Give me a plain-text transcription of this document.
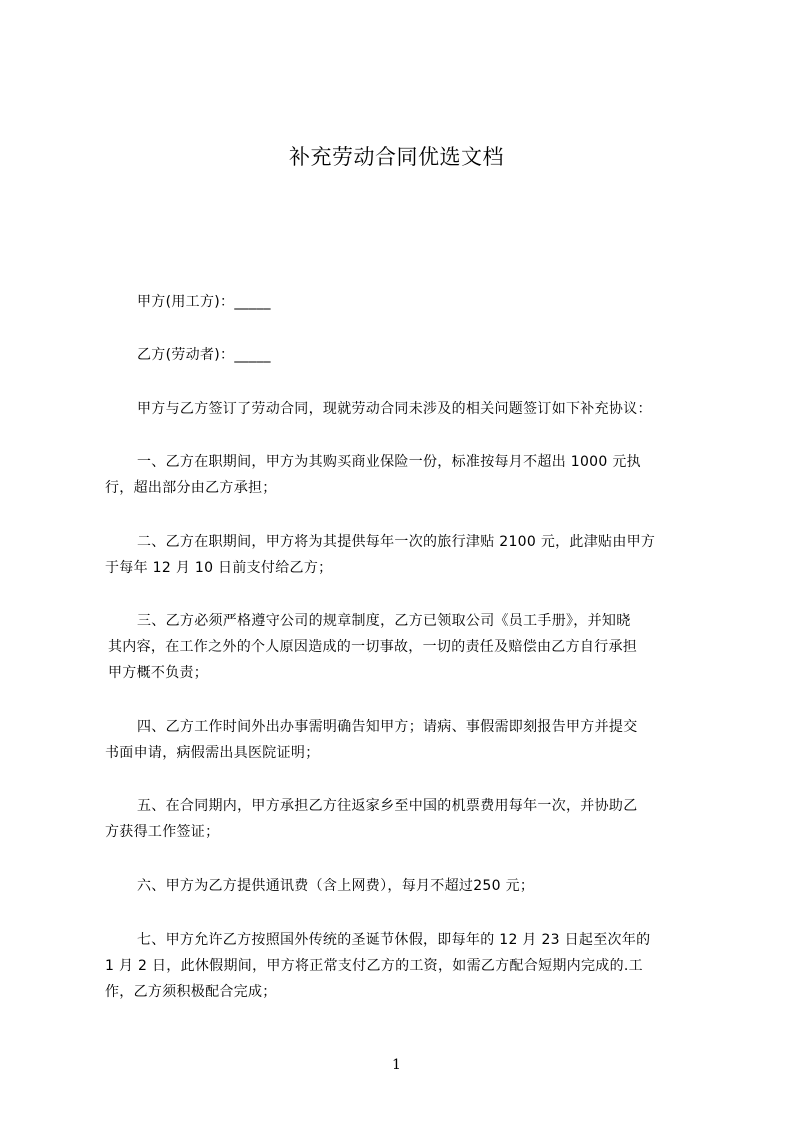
补充劳动合同优选文档
甲方(用工方)：_____
乙方(劳动者)：_____
甲方与乙方签订了劳动合同，现就劳动合同未涉及的相关问题签订如下补充协议：
一、乙方在职期间，甲方为其购买商业保险一份，标准按每月不超出 1000 元执
行，超出部分由乙方承担；
二、乙方在职期间，甲方将为其提供每年一次的旅行津贴 2100 元，此津贴由甲方
于每年 12 月 10 日前支付给乙方；
三、乙方必须严格遵守公司的规章制度，乙方已领取公司《员工手册》，并知晓
其内容，在工作之外的个人原因造成的一切事故，一切的责任及赔偿由乙方自行承担
甲方概不负责；
四、乙方工作时间外出办事需明确告知甲方；请病、事假需即刻报告甲方并提交
书面申请，病假需出具医院证明；
五、在合同期内，甲方承担乙方往返家乡至中国的机票费用每年一次，并协助乙
方获得工作签证；
六、甲方为乙方提供通讯费（含上网费），每月不超过250 元；
七、甲方允许乙方按照国外传统的圣诞节休假，即每年的 12 月 23 日起至次年的
1 月 2 日，此休假期间，甲方将正常支付乙方的工资，如需乙方配合短期内完成的.工
作，乙方须积极配合完成；
1
